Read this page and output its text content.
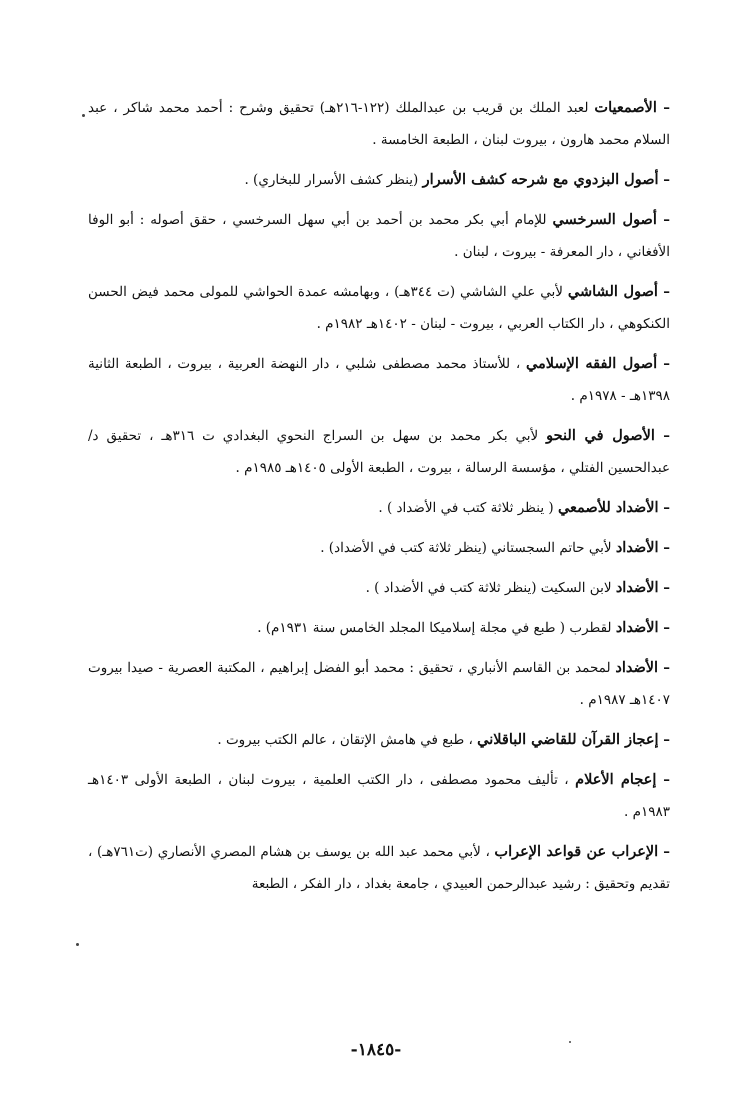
– الأصمعيات لعبد الملك بن قريب بن عبدالملك (١٢٢-٢١٦هـ) تحقيق وشرح : أحمد محمد شاكر ، عبد السلام محمد هارون ، بيروت لبنان ، الطبعة الخامسة .

– أصول البزدوي مع شرحه كشف الأسرار (ينظر كشف الأسرار للبخاري) .

– أصول السرخسي للإمام أبي بكر محمد بن أحمد بن أبي سهل السرخسي ، حقق أصوله : أبو الوفا الأفغاني ، دار المعرفة - بيروت ، لبنان .

– أصول الشاشي لأبي علي الشاشي (ت ٣٤٤هـ) ، وبهامشه عمدة الحواشي للمولى محمد فيض الحسن الكنكوهي ، دار الكتاب العربي ، بيروت - لبنان - ١٤٠٢هـ ١٩٨٢م .

– أصول الفقه الإسلامي ، للأستاذ محمد مصطفى شلبي ، دار النهضة العربية ، بيروت ، الطبعة الثانية ١٣٩٨هـ - ١٩٧٨م .

– الأصول في النحو لأبي بكر محمد بن سهل بن السراج النحوي البغدادي ت ٣١٦هـ ، تحقيق د/عبدالحسين الفتلي ، مؤسسة الرسالة ، بيروت ، الطبعة الأولى ١٤٠٥هـ ١٩٨٥م .

– الأضداد للأصمعي ( ينظر ثلاثة كتب في الأضداد ) .

– الأضداد لأبي حاتم السجستاني (ينظر ثلاثة كتب في الأضداد) .

– الأضداد لابن السكيت (ينظر ثلاثة كتب في الأضداد ) .

– الأضداد لقطرب ( طبع في مجلة إسلاميكا المجلد الخامس سنة ١٩٣١م) .

– الأضداد لمحمد بن القاسم الأنباري ، تحقيق : محمد أبو الفضل إبراهيم ، المكتبة العصرية - صيدا بيروت ١٤٠٧هـ ١٩٨٧م .

– إعجاز القرآن للقاضي الباقلاني ، طبع في هامش الإتقان ، عالم الكتب بيروت .

– إعجام الأعلام ، تأليف محمود مصطفى ، دار الكتب العلمية ، بيروت لبنان ، الطبعة الأولى ١٤٠٣هـ ١٩٨٣م .

– الإعراب عن قواعد الإعراب ، لأبي محمد عبد الله بن يوسف بن هشام المصري الأنصاري (ت٧٦١هـ) ، تقديم وتحقيق : رشيد عبدالرحمن العبيدي ، جامعة بغداد ، دار الفكر ، الطبعة

-١٨٤٥-
